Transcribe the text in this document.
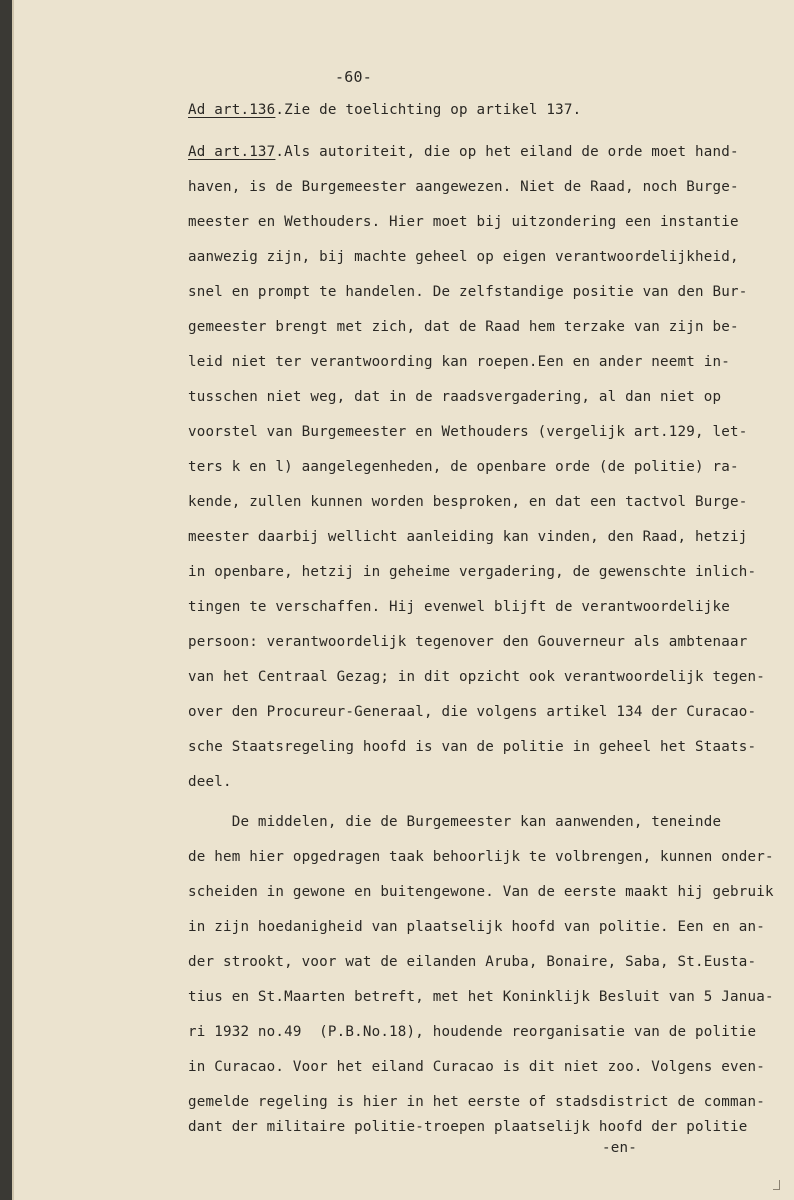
-60-
Ad art.136.Zie de toelichting op artikel 137.
Ad art.137.Als autoriteit, die op het eiland de orde moet hand-
haven, is de Burgemeester aangewezen. Niet de Raad, noch Burge-
meester en Wethouders. Hier moet bij uitzondering een instantie
aanwezig zijn, bij machte geheel op eigen verantwoordelijkheid,
snel en prompt te handelen. De zelfstandige positie van den Bur-
gemeester brengt met zich, dat de Raad hem terzake van zijn be-
leid niet ter verantwoording kan roepen.Een en ander neemt in-
tusschen niet weg, dat in de raadsvergadering, al dan niet op
voorstel van Burgemeester en Wethouders (vergelijk art.129, let-
ters k en l) aangelegenheden, de openbare orde (de politie) ra-
kende, zullen kunnen worden besproken, en dat een tactvol Burge-
meester daarbij wellicht aanleiding kan vinden, den Raad, hetzij
in openbare, hetzij in geheime vergadering, de gewenschte inlich-
tingen te verschaffen. Hij evenwel blijft de verantwoordelijke
persoon: verantwoordelijk tegenover den Gouverneur als ambtenaar
van het Centraal Gezag; in dit opzicht ook verantwoordelijk tegen-
over den Procureur-Generaal, die volgens artikel 134 der Curacao-
sche Staatsregeling hoofd is van de politie in geheel het Staats-
deel.
De middelen, die de Burgemeester kan aanwenden, teneinde
de hem hier opgedragen taak behoorlijk te volbrengen, kunnen onder-
scheiden in gewone en buitengewone. Van de eerste maakt hij gebruik
in zijn hoedanigheid van plaatselijk hoofd van politie. Een en an-
der strookt, voor wat de eilanden Aruba, Bonaire, Saba, St.Eusta-
tius en St.Maarten betreft, met het Koninklijk Besluit van 5 Janua-
ri 1932 no.49  (P.B.No.18), houdende reorganisatie van de politie
in Curacao. Voor het eiland Curacao is dit niet zoo. Volgens even-
gemelde regeling is hier in het eerste of stadsdistrict de comman-
dant der militaire politie-troepen plaatselijk hoofd der politie
-en-
